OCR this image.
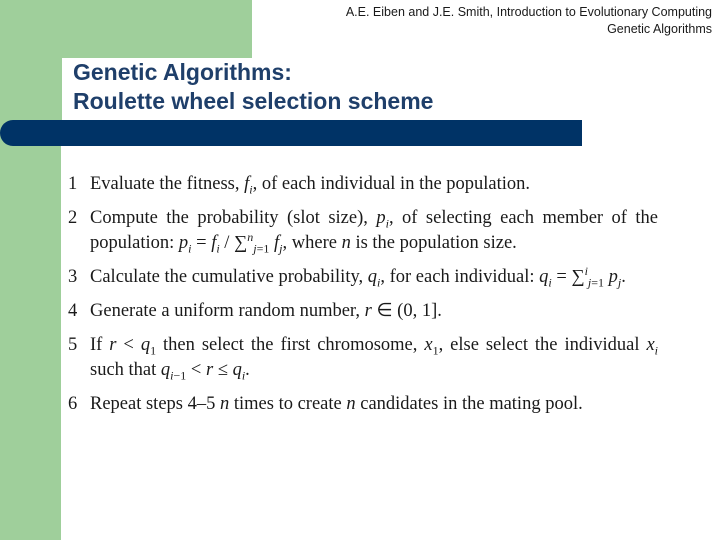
A.E. Eiben and J.E. Smith, Introduction to Evolutionary Computing
Genetic Algorithms
Genetic Algorithms:
Roulette wheel selection scheme
1 Evaluate the fitness, $f_i$, of each individual in the population.
2 Compute the probability (slot size), $p_i$, of selecting each member of the population: $p_i = f_i / \sum^n_{j=1}$ $f_j$, where n is the population size.
3 Calculate the cumulative probability, $q_i$, for each individual: $q_i = \sum^i_{j=1}$ $p_j$.
4 Generate a uniform random number, r ∈ (0, 1].
5 If $r < q_1$ then select the first chromosome, $x_1$, else select the individual $x_i$ such that $q_{i-1} < r \le q_i$.
6 Repeat steps 4–5 n times to create n candidates in the mating pool.
